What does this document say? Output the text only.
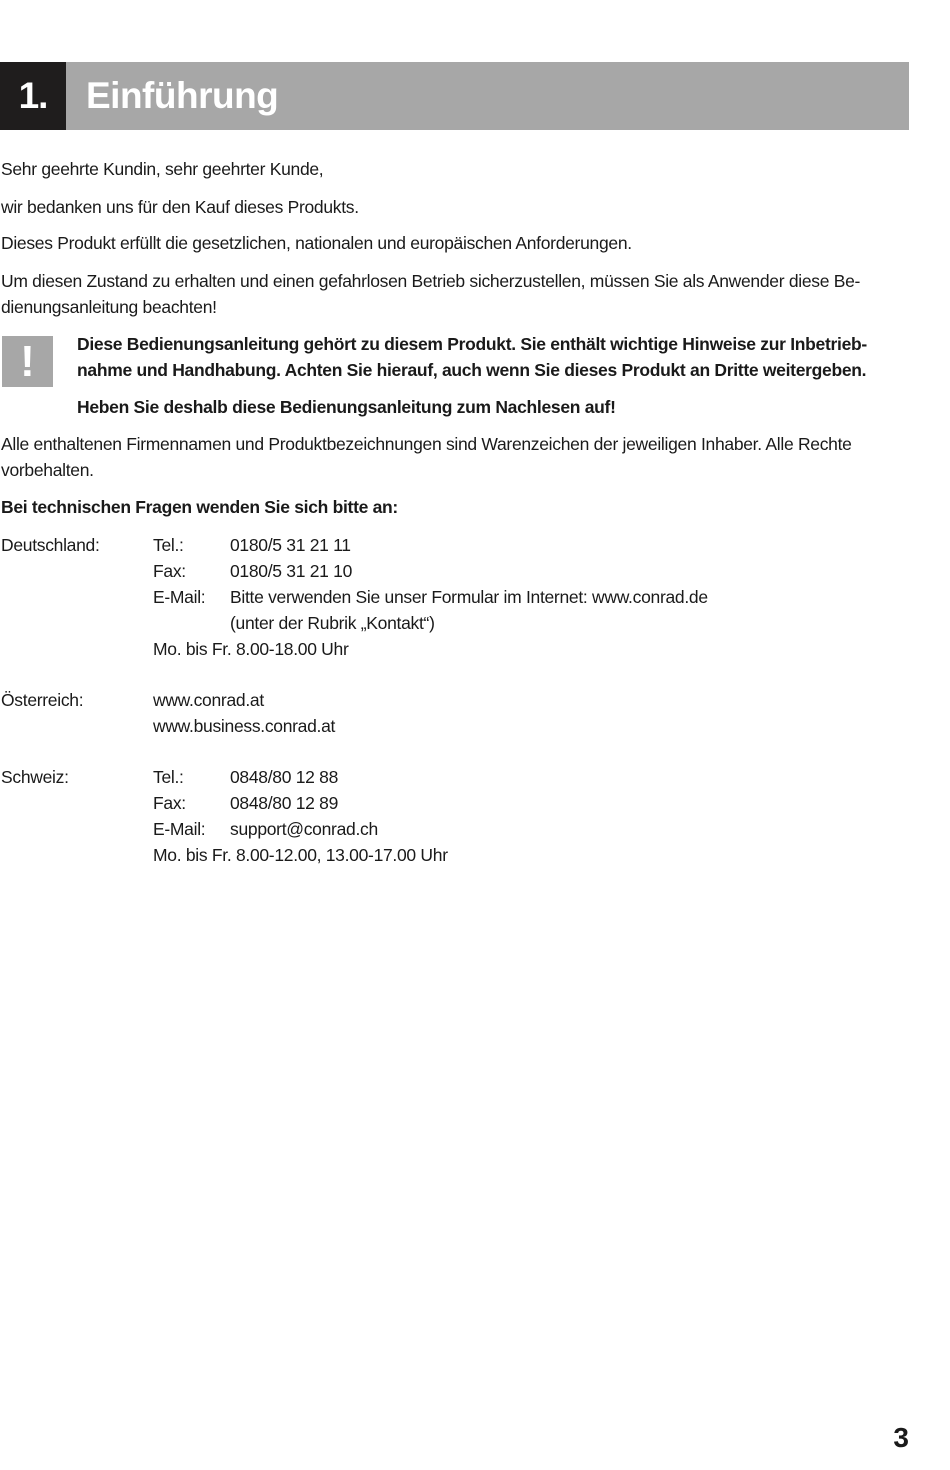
1.	Einführung

Sehr geehrte Kundin, sehr geehrter Kunde,

wir bedanken uns für den Kauf dieses Produkts.

Dieses Produkt erfüllt die gesetzlichen, nationalen und europäischen Anforderungen.

Um diesen Zustand zu erhalten und einen gefahrlosen Betrieb sicherzustellen, müssen Sie als Anwender diese Be-

dienungsanleitung beachten!

!	Diese Bedienungsanleitung gehört zu diesem Produkt. Sie enthält wichtige Hinweise zur Inbetrieb-

nahme und Handhabung. Achten Sie hierauf, auch wenn Sie dieses Produkt an Dritte weitergeben.

Heben Sie deshalb diese Bedienungsanleitung zum Nachlesen auf!

Alle enthaltenen Firmennamen und Produktbezeichnungen sind Warenzeichen der jeweiligen Inhaber. Alle Rechte

vorbehalten.

Bei technischen Fragen wenden Sie sich bitte an:

Deutschland:	Tel.:	0180/5 31 21 11
Fax:	0180/5 31 21 10
E-Mail: Bitte verwenden Sie unser Formular im Internet: www.conrad.de
(unter der Rubrik „Kontakt“)
Mo. bis Fr. 8.00-18.00 Uhr
Österreich:	www.conrad.at
www.business.conrad.at
Schweiz:	Tel.:	0848/80 12 88
Fax:	0848/80 12 89
E-Mail: support@conrad.ch
Mo. bis Fr. 8.00-12.00, 13.00-17.00 Uhr
3
